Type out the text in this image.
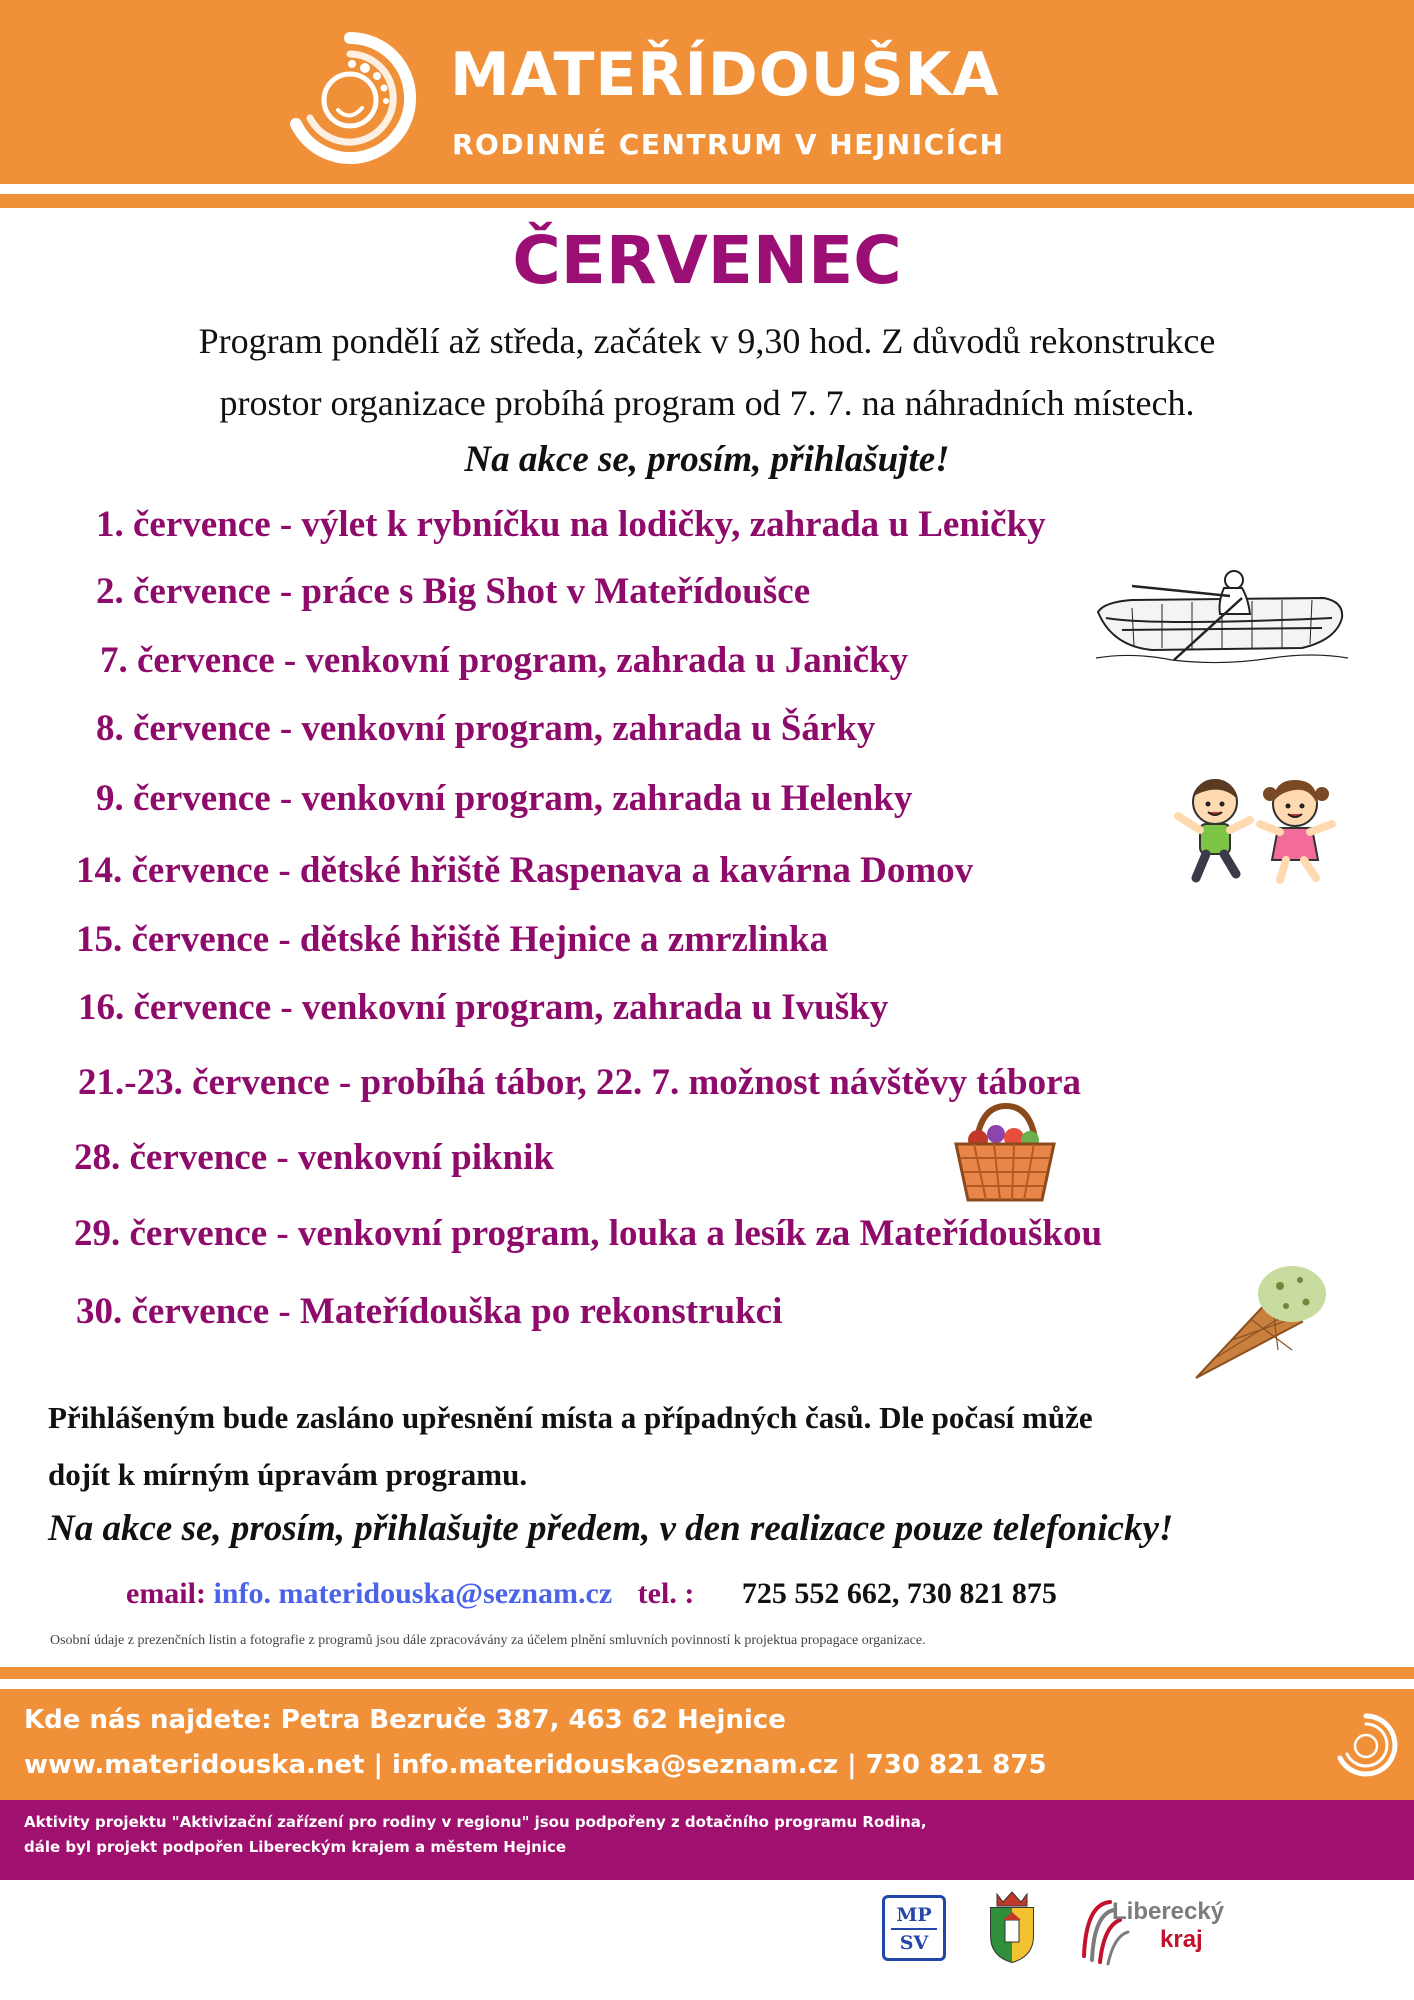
MATEŘÍDOUŠKA
RODINNÉ CENTRUM V HEJNICÍCH
ČERVENEC
Program pondělí až středa, začátek v 9,30 hod. Z důvodů rekonstrukce
prostor organizace probíhá program od 7. 7. na náhradních místech.
Na akce se, prosím, přihlašujte!
1. července - výlet k rybníčku na lodičky, zahrada u Leničky
2. července - práce s Big Shot v Mateřídoušce
7. července - venkovní program, zahrada u Janičky
8. července - venkovní program, zahrada u Šárky
9. července - venkovní program, zahrada u Helenky
14. července - dětské hřiště Raspenava a kavárna Domov
15. července - dětské hřiště Hejnice a zmrzlinka
16. července - venkovní program, zahrada u Ivušky
21.-23. července - probíhá tábor, 22. 7. možnost návštěvy tábora
28. července - venkovní piknik
29. července - venkovní program, louka a lesík za Mateřídouškou
30. července - Mateřídouška po rekonstrukci
Přihlášeným bude zasláno upřesnění místa a případných časů. Dle počasí může
dojít k mírným úpravám programu.
Na akce se, prosím, přihlašujte předem, v den realizace pouze telefonicky!
email: info. materidouska@seznam.cz tel. : 725 552 662, 730 821 875
Osobní údaje z prezenčních listin a fotografie z programů jsou dále zpracovávány za účelem plnění smluvních povinností k projektua propagace organizace.
Kde nás najdete: Petra Bezruče 387, 463 62 Hejnice
www.materidouska.net | info.materidouska@seznam.cz | 730 821 875
Aktivity projektu "Aktivizační zařízení pro rodiny v regionu" jsou podpořeny z dotačního programu Rodina,
dále byl projekt podpořen Libereckým krajem a městem Hejnice
MP
SV
Liberecký
kraj
